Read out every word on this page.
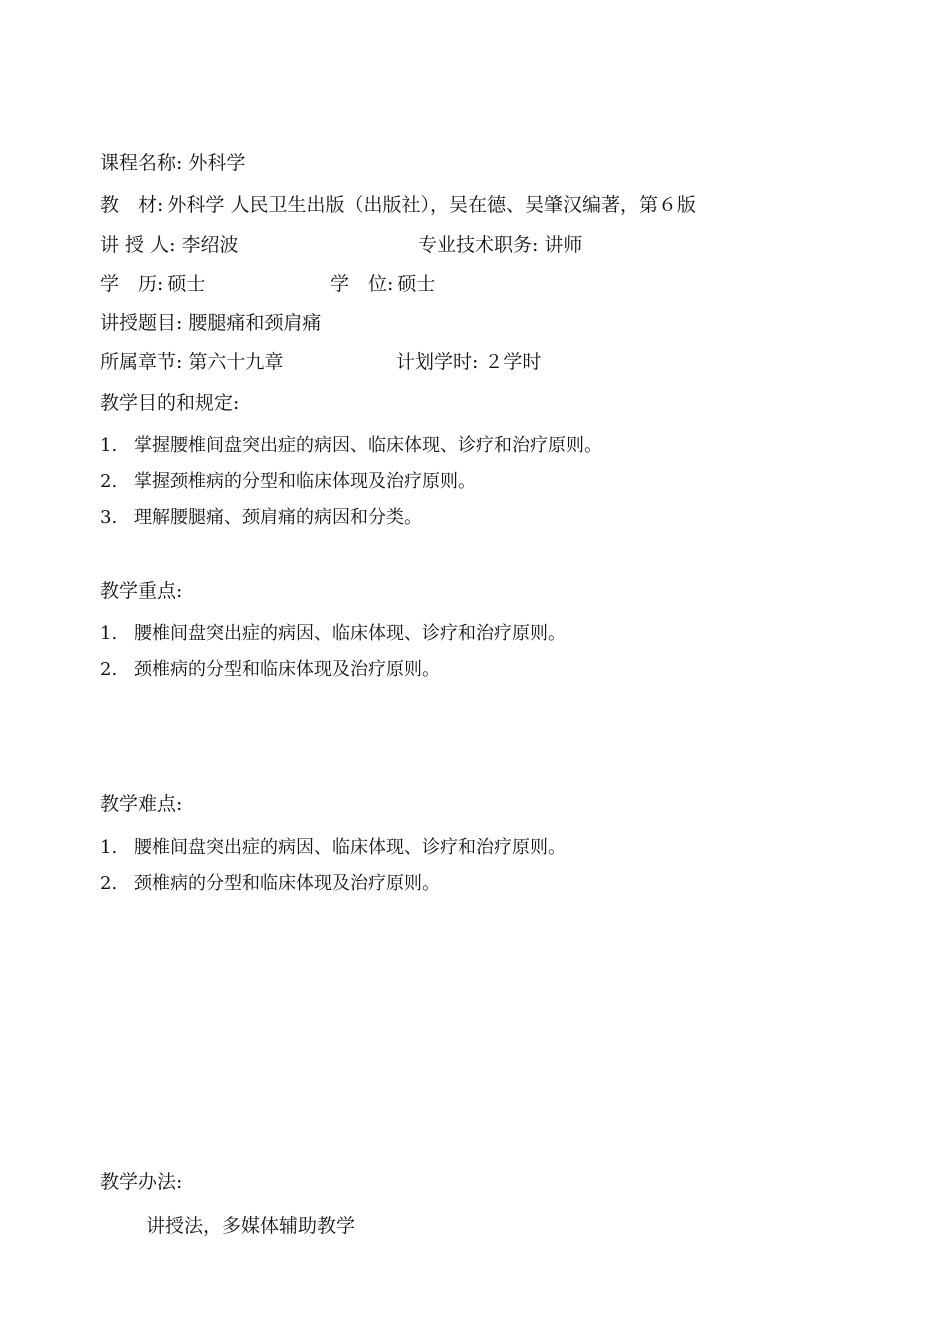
课程名称: 外科学
教　材: 外科学 人民卫生出版（出版社），吴在德、吴肇汉编著，第６版
讲 授 人: 李绍波	专业技术职务: 讲师
学　历: 硕士	学　位: 硕士
讲授题目: 腰腿痛和颈肩痛
所属章节: 第六十九章	计划学时: ２学时
教学目的和规定:
1. 掌握腰椎间盘突出症的病因、临床体现、诊疗和治疗原则。
2. 掌握颈椎病的分型和临床体现及治疗原则。
3. 理解腰腿痛、颈肩痛的病因和分类。
教学重点:
1. 腰椎间盘突出症的病因、临床体现、诊疗和治疗原则。
2. 颈椎病的分型和临床体现及治疗原则。
教学难点:
1. 腰椎间盘突出症的病因、临床体现、诊疗和治疗原则。
2. 颈椎病的分型和临床体现及治疗原则。
教学办法:
讲授法，多媒体辅助教学
